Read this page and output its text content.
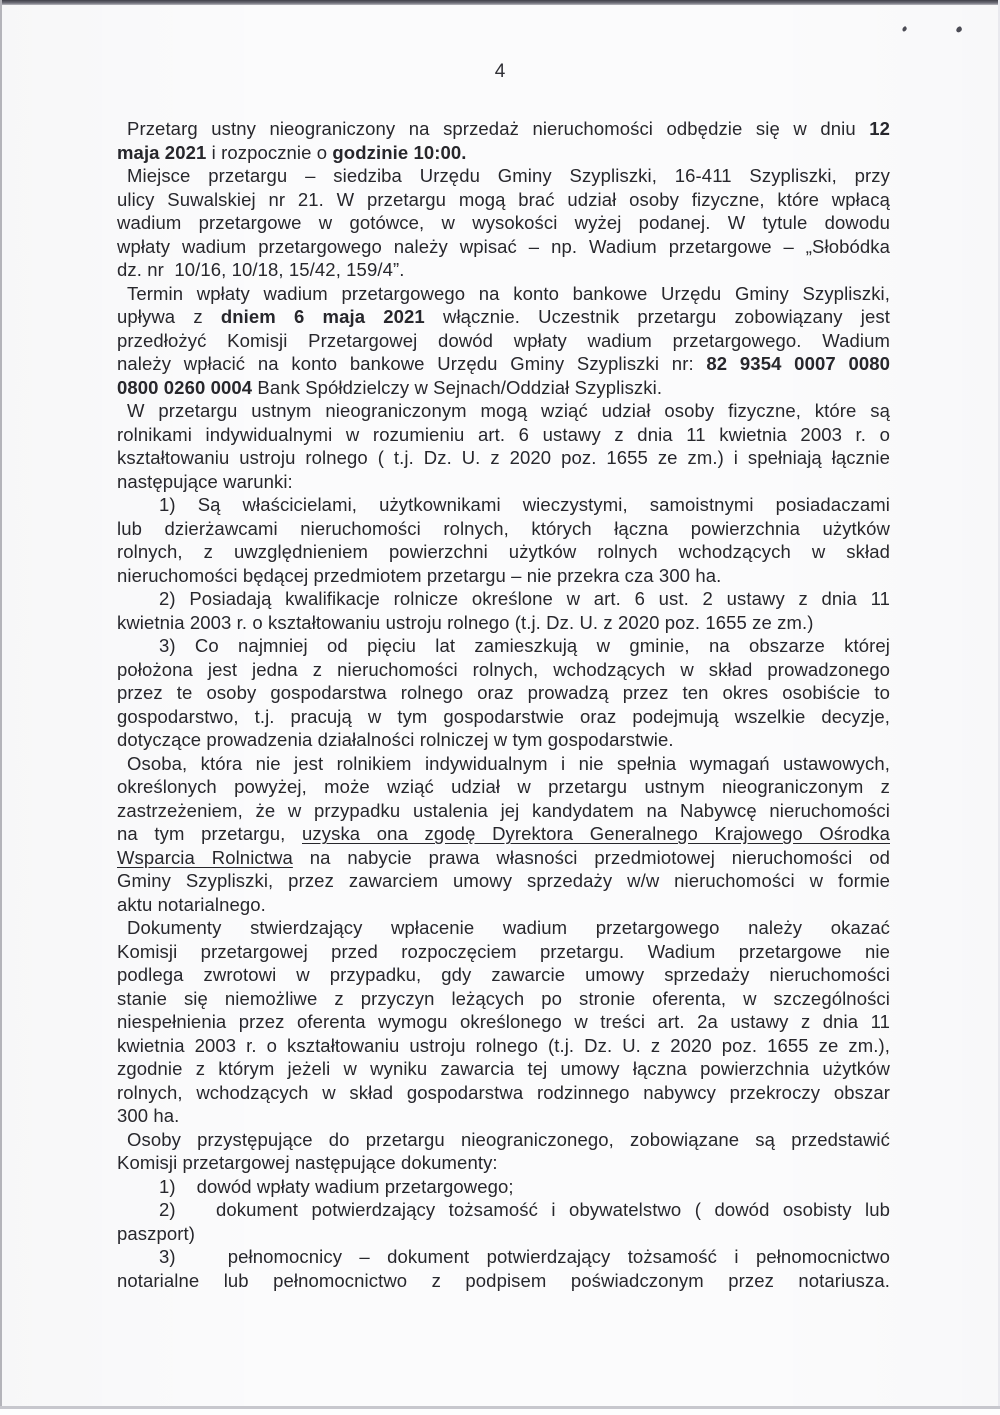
4
Przetarg ustny nieograniczony na sprzedaż nieruchomości odbędzie się w dniu 12
maja 2021 i rozpocznie o godzinie 10:00.
Miejsce przetargu – siedziba Urzędu Gminy Szypliszki, 16-411 Szypliszki, przy
ulicy Suwalskiej nr 21. W przetargu mogą brać udział osoby fizyczne, które wpłacą
wadium przetargowe w gotówce, w wysokości wyżej podanej. W tytule dowodu
wpłaty wadium przetargowego należy wpisać – np. Wadium przetargowe – „Słobódka
dz. nr  10/16, 10/18, 15/42, 159/4”.
Termin wpłaty wadium przetargowego na konto bankowe Urzędu Gminy Szypliszki,
upływa z dniem 6 maja 2021 włącznie. Uczestnik przetargu zobowiązany jest
przedłożyć Komisji Przetargowej dowód wpłaty wadium przetargowego. Wadium
należy wpłacić na konto bankowe Urzędu Gminy Szypliszki nr: 82 9354 0007 0080
0800 0260 0004 Bank Spółdzielczy w Sejnach/Oddział Szypliszki.
W przetargu ustnym nieograniczonym mogą wziąć udział osoby fizyczne, które są
rolnikami indywidualnymi w rozumieniu art. 6 ustawy z dnia 11 kwietnia 2003 r. o
kształtowaniu ustroju rolnego ( t.j. Dz. U. z 2020 poz. 1655 ze zm.) i spełniają łącznie
następujące warunki:
1) Są właścicielami, użytkownikami wieczystymi, samoistnymi posiadaczami
lub dzierżawcami nieruchomości rolnych, których łączna powierzchnia użytków
rolnych, z uwzględnieniem powierzchni użytków rolnych wchodzących w skład
nieruchomości będącej przedmiotem przetargu – nie przekra cza 300 ha.
2) Posiadają kwalifikacje rolnicze określone w art. 6 ust. 2 ustawy z dnia 11
kwietnia 2003 r. o kształtowaniu ustroju rolnego (t.j. Dz. U. z 2020 poz. 1655 ze zm.)
3) Co najmniej od pięciu lat zamieszkują w gminie, na obszarze której
położona jest jedna z nieruchomości rolnych, wchodzących w skład prowadzonego
przez te osoby gospodarstwa rolnego oraz prowadzą przez ten okres osobiście to
gospodarstwo, t.j. pracują w tym gospodarstwie oraz podejmują wszelkie decyzje,
dotyczące prowadzenia działalności rolniczej w tym gospodarstwie.
Osoba, która nie jest rolnikiem indywidualnym i nie spełnia wymagań ustawowych,
określonych powyżej, może wziąć udział w przetargu ustnym nieograniczonym z
zastrzeżeniem, że w przypadku ustalenia jej kandydatem na Nabywcę nieruchomości
na tym przetargu, uzyska ona zgodę Dyrektora Generalnego Krajowego Ośrodka
Wsparcia Rolnictwa na nabycie prawa własności przedmiotowej nieruchomości od
Gminy Szypliszki, przez zawarciem umowy sprzedaży w/w nieruchomości w formie
aktu notarialnego.
Dokumenty stwierdzający wpłacenie wadium przetargowego należy okazać
Komisji przetargowej przed rozpoczęciem przetargu. Wadium przetargowe nie
podlega zwrotowi w przypadku, gdy zawarcie umowy sprzedaży nieruchomości
stanie się niemożliwe z przyczyn leżących po stronie oferenta, w szczególności
niespełnienia przez oferenta wymogu określonego w treści art. 2a ustawy z dnia 11
kwietnia 2003 r. o kształtowaniu ustroju rolnego (t.j. Dz. U. z 2020 poz. 1655 ze zm.),
zgodnie z którym jeżeli w wyniku zawarcia tej umowy łączna powierzchnia użytków
rolnych, wchodzących w skład gospodarstwa rodzinnego nabywcy przekroczy obszar
300 ha.
Osoby przystępujące do przetargu nieograniczonego, zobowiązane są przedstawić
Komisji przetargowej następujące dokumenty:
1)    dowód wpłaty wadium przetargowego;
2)   dokument potwierdzający tożsamość i obywatelstwo ( dowód osobisty lub
paszport)
3)   pełnomocnicy – dokument potwierdzający tożsamość i pełnomocnictwo
notarialne lub pełnomocnictwo z podpisem poświadczonym przez notariusza.
